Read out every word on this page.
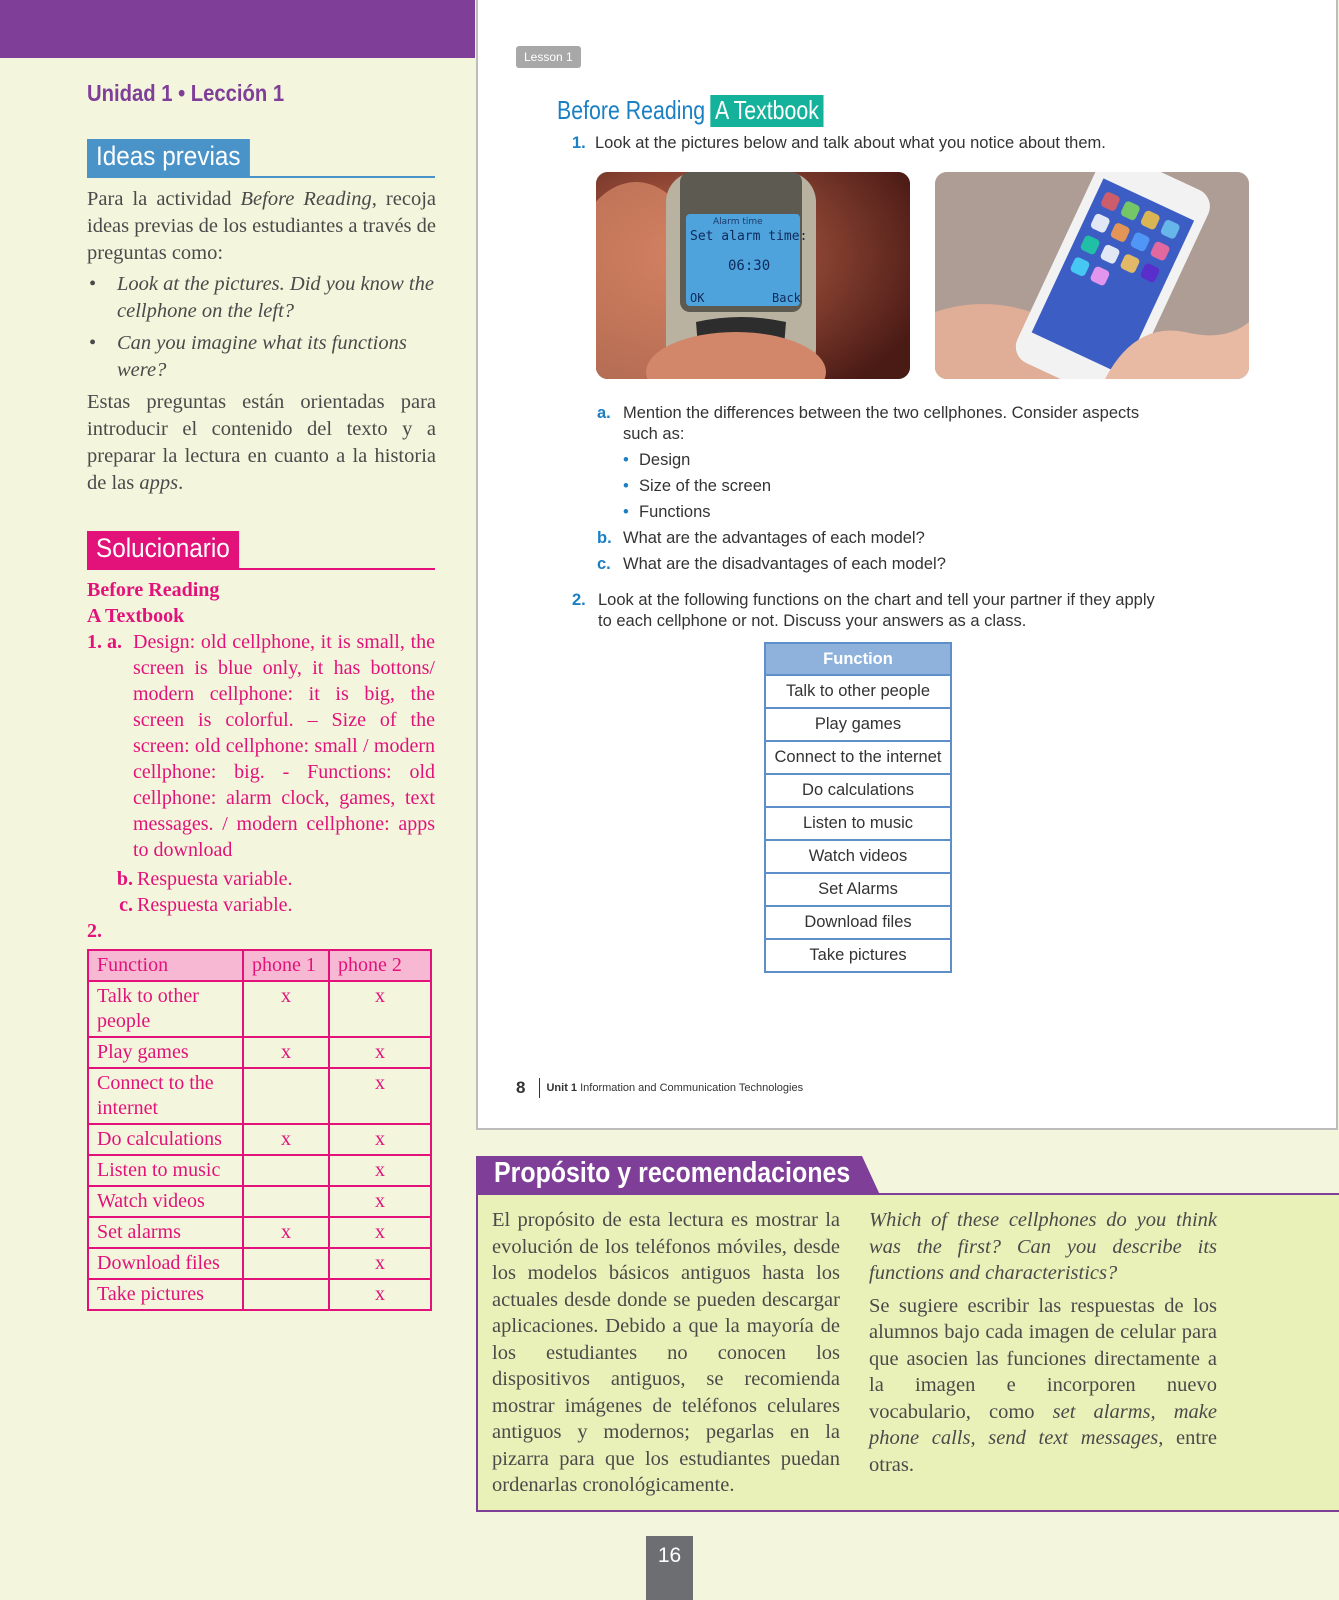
Unidad 1 • Lección 1
Ideas previas

Para la actividad Before Reading, recoja ideas previas de los estudiantes a través de preguntas como:

• Look at the pictures. Did you know the cellphone on the left?
• Can you imagine what its functions were?

Estas preguntas están orientadas para introducir el contenido del texto y a preparar la lectura en cuanto a la historia de las apps.

Solucionario
Before Reading
A Textbook
1. a. Design: old cellphone, it is small, the screen is blue only, it has bottons/ modern cellphone: it is big, the screen is colorful. – Size of the screen: old cellphone: small / modern cellphone: big. - Functions: old cellphone: alarm clock, games, text messages. / modern cellphone: apps to download
b. Respuesta variable.
c. Respuesta variable.
2.
Function	phone 1	phone 2
Talk to other people	x	x
Play games	x	x
Connect to the internet		x
Do calculations	x	x
Listen to music		x
Watch videos		x
Set alarms	x	x
Download files		x
Take pictures		x
Lesson 1
Before Reading A Textbook
1. Look at the pictures below and talk about what you notice about them.
Alarm time
Set alarm time:
06:30
OK	Back
a. Mention the differences between the two cellphones. Consider aspects such as:
• Design
• Size of the screen
• Functions
b. What are the advantages of each model?
c. What are the disadvantages of each model?
2. Look at the following functions on the chart and tell your partner if they apply to each cellphone or not. Discuss your answers as a class.
Function
Talk to other people
Play games
Connect to the internet
Do calculations
Listen to music
Watch videos
Set Alarms
Download files
Take pictures
8 Unit 1
Information and Communication Technologies
Propósito y recomendaciones
El propósito de esta lectura es mostrar la evolución de los teléfonos móviles, desde los modelos básicos antiguos hasta los actuales desde donde se pueden descargar aplicaciones. Debido a que la mayoría de los estudiantes no conocen los dispositivos antiguos, se recomienda mostrar imágenes de teléfonos celulares antiguos y modernos; pegarlas en la pizarra para que los estudiantes puedan ordenarlas cronológicamente.

Which of these cellphones do you think was the first? Can you describe its functions and characteristics?

Se sugiere escribir las respuestas de los alumnos bajo cada imagen de celular para que asocien las funciones directamente a la imagen e incorporen nuevo vocabulario, como set alarms, make phone calls, send text messages, entre otras.

16
